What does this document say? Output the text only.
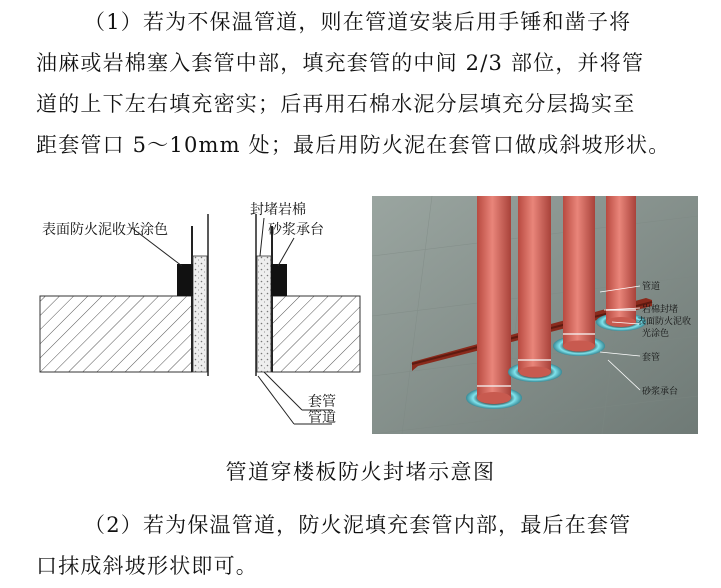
（1）若为不保温管道，则在管道安装后用手锤和凿子将
油麻或岩棉塞入套管中部，填充套管的中间 2/3 部位，并将管
道的上下左右填充密实；后再用石棉水泥分层填充分层捣实至
距套管口 5〜10mm 处；最后用防火泥在套管口做成斜坡形状。
表面防火泥收光涂色
封堵岩棉
砂浆承台
套管
管道
管道
岩棉封堵
表面防火泥收
光涂色
套管
砂浆承台
管道穿楼板防火封堵示意图
（2）若为保温管道，防火泥填充套管内部，最后在套管
口抹成斜坡形状即可。
